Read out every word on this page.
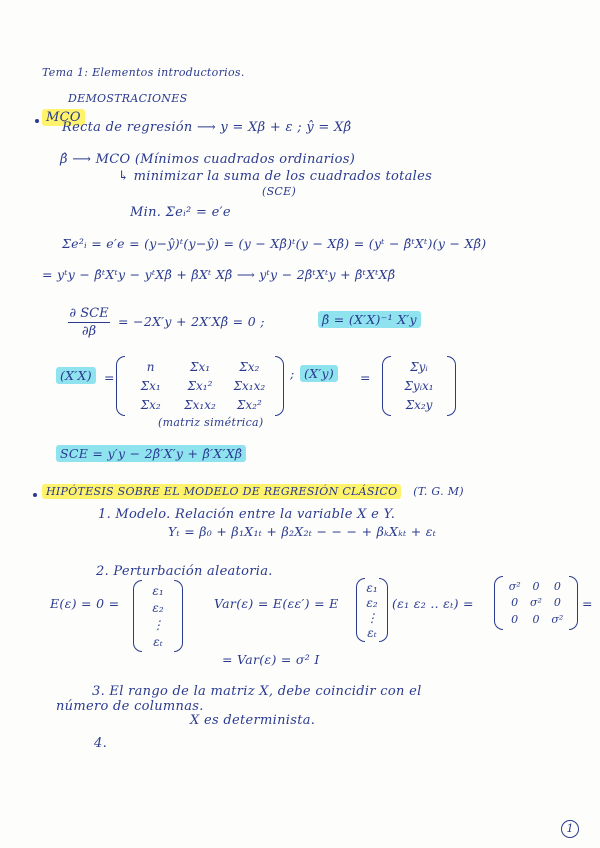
Tema 1: Elementos introductorios.
DEMOSTRACIONES
MCO
Recta de regresión ⟶ y = Xβ + ε ; ŷ = Xβ̂
β̂ ⟶ MCO (Mínimos cuadrados ordinarios)
↳ minimizar la suma de los cuadrados totales
(SCE)
Min. Σeᵢ² = e′e
Σe²ᵢ = e′e = (y−ŷ)ᵗ(y−ŷ) = (y − Xβ̂)ᵗ(y − Xβ̂) = (yᵗ − β̂ᵗXᵗ)(y − Xβ̂)
= yᵗy − β̂ᵗXᵗy − yᵗXβ̂ + β̂Xᵗ Xβ̂ ⟶ yᵗy − 2β̂ᵗXᵗy + β̂ᵗXᵗXβ̂
∂ SCE
∂β
= −2X′y + 2X′Xβ̂ = 0 ;	β̂ = (X′X)⁻¹ X′y
(X′X) =
n	Σx₁ Σx₂
Σx₁ Σx₁² Σx₁x₂
Σx₂ Σx₁x₂ Σx₂²
;
(matriz simétrica)
(X′y)	=
Σyᵢ
Σyᵢx₁
Σx₂y
SCE = y′y − 2β̂′X′y + β̂′X′Xβ̂
HIPÓTESIS SOBRE EL MODELO DE REGRESIÓN CLÁSICO (T. G. M)
1. Modelo. Relación entre la variable X e Y.
Yₜ = β₀ + β₁X₁ₜ + β₂X₂ₜ − − − + βₖXₖₜ + εₜ
2. Perturbación aleatoria.
E(ε) = 0 =
ε₁
ε₂
⋮
εₜ
Var(ε) = E(εε′) = E
ε₁
ε₂
⋮
εₜ
(ε₁ ε₂ .. εₜ) =
σ² 0 0
0 σ² 0
0 0 σ²
=
= Var(ε) = σ² I
3. El rango de la matriz X, debe coincidir con el
número de columnas.
X es determinista.
4.
1
